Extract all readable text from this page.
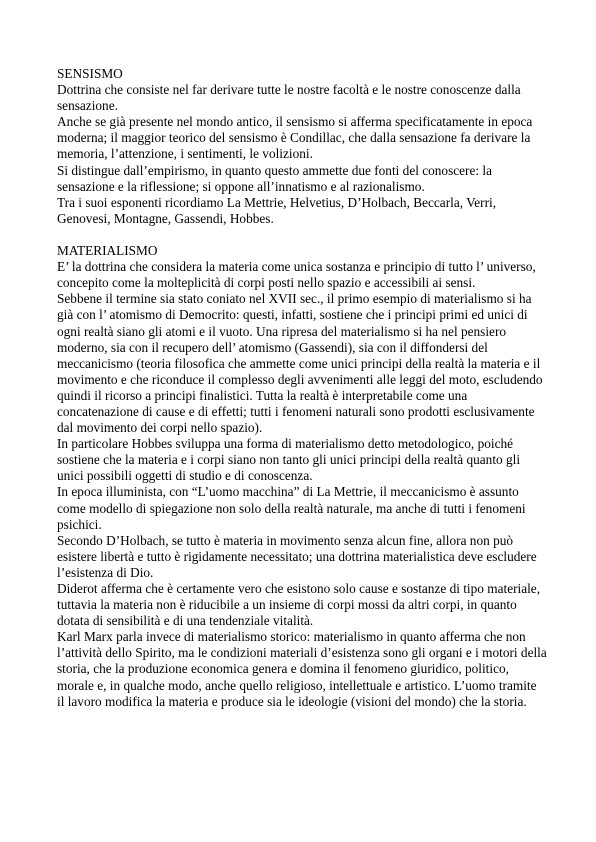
SENSISMO

Dottrina che consiste nel far derivare tutte le nostre facoltà e le nostre conoscenze dalla sensazione.

Anche se già presente nel mondo antico, il sensismo si afferma specificatamente in epoca moderna; il maggior teorico del sensismo è Condillac, che dalla sensazione fa derivare la memoria, l’attenzione, i sentimenti, le volizioni.

Si distingue dall’empirismo, in quanto questo ammette due fonti del conoscere: la sensazione e la riflessione; si oppone all’innatismo e al razionalismo.

Tra i suoi esponenti ricordiamo La Mettrie, Helvetius, D’Holbach, Beccarla, Verri, Genovesi, Montagne, Gassendi, Hobbes.

MATERIALISMO

E’ la dottrina che considera la materia come unica sostanza e principio di tutto l’ universo, concepito come la molteplicità di corpi posti nello spazio e accessibili ai sensi.

Sebbene il termine sia stato coniato nel XVII sec., il primo esempio di materialismo si ha già con l’ atomismo di Democrito: questi, infatti, sostiene che i principi primi ed unici di ogni realtà siano gli atomi e il vuoto. Una ripresa del materialismo si ha nel pensiero moderno, sia con il recupero dell’ atomismo (Gassendi), sia con il diffondersi del meccanicismo (teoria filosofica che ammette come unici principi della realtà la materia e il movimento e che riconduce il complesso degli avvenimenti alle leggi del moto, escludendo quindi il ricorso a principi finalistici. Tutta la realtà è interpretabile come una concatenazione di cause e di effetti; tutti i fenomeni naturali sono prodotti esclusivamente dal movimento dei corpi nello spazio).

In particolare Hobbes sviluppa una forma di materialismo detto metodologico, poiché sostiene che la materia e i corpi siano non tanto gli unici principi della realtà quanto gli unici possibili oggetti di studio e di conoscenza.

In epoca illuminista, con “L’uomo macchina” di La Mettrie, il meccanicismo è assunto come modello di spiegazione non solo della realtà naturale, ma anche di tutti i fenomeni psichici.

Secondo D’Holbach, se tutto è materia in movimento senza alcun fine, allora non può esistere libertà e tutto è rigidamente necessitato; una dottrina materialistica deve escludere l’esistenza di Dio.

Diderot afferma che è certamente vero che esistono solo cause e sostanze di tipo materiale, tuttavia la materia non è riducibile a un insieme di corpi mossi da altri corpi, in quanto dotata di sensibilità e di una tendenziale vitalità.

Karl Marx parla invece di materialismo storico: materialismo in quanto afferma che non l’attività dello Spirito, ma le condizioni materiali d’esistenza sono gli organi e i motori della storia, che la produzione economica genera e domina il fenomeno giuridico, politico, morale e, in qualche modo, anche quello religioso, intellettuale e artistico. L’uomo tramite il lavoro modifica la materia e produce sia le ideologie (visioni del mondo) che la storia.
